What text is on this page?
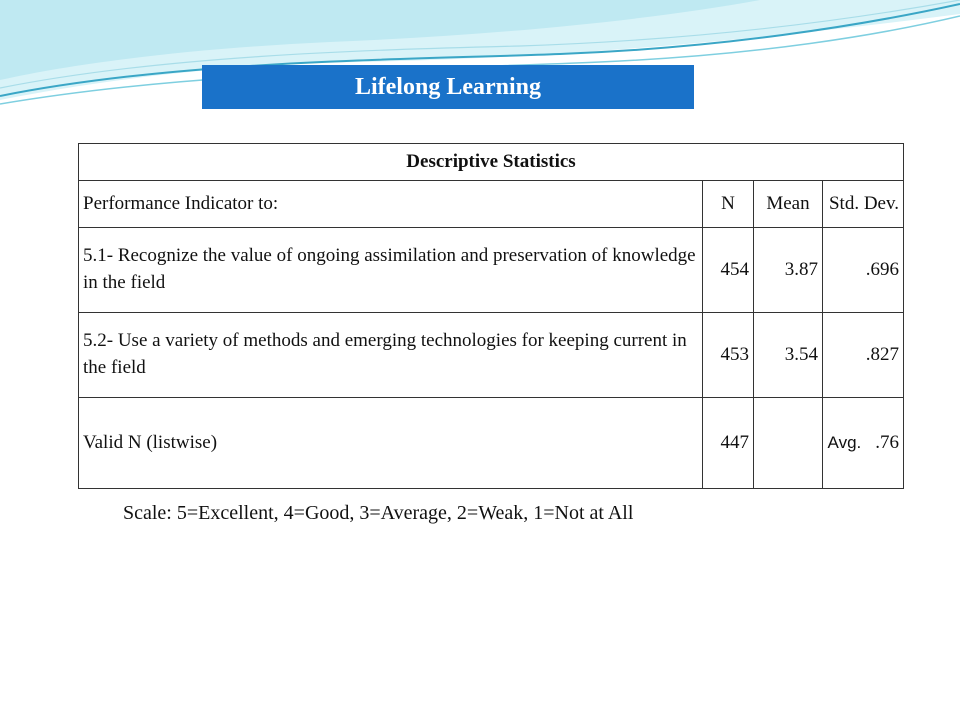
Lifelong Learning
Descriptive Statistics			
Performance Indicator to:	N	Mean	Std. Dev.
5.1- Recognize the value of ongoing assimilation and preservation of knowledge in the field	454	3.87	.696
5.2- Use a variety of methods and emerging technologies for keeping current in the field	453	3.54	.827
Valid N (listwise)	447		Avg. .76
Scale: 5=Excellent, 4=Good, 3=Average, 2=Weak, 1=Not at All
